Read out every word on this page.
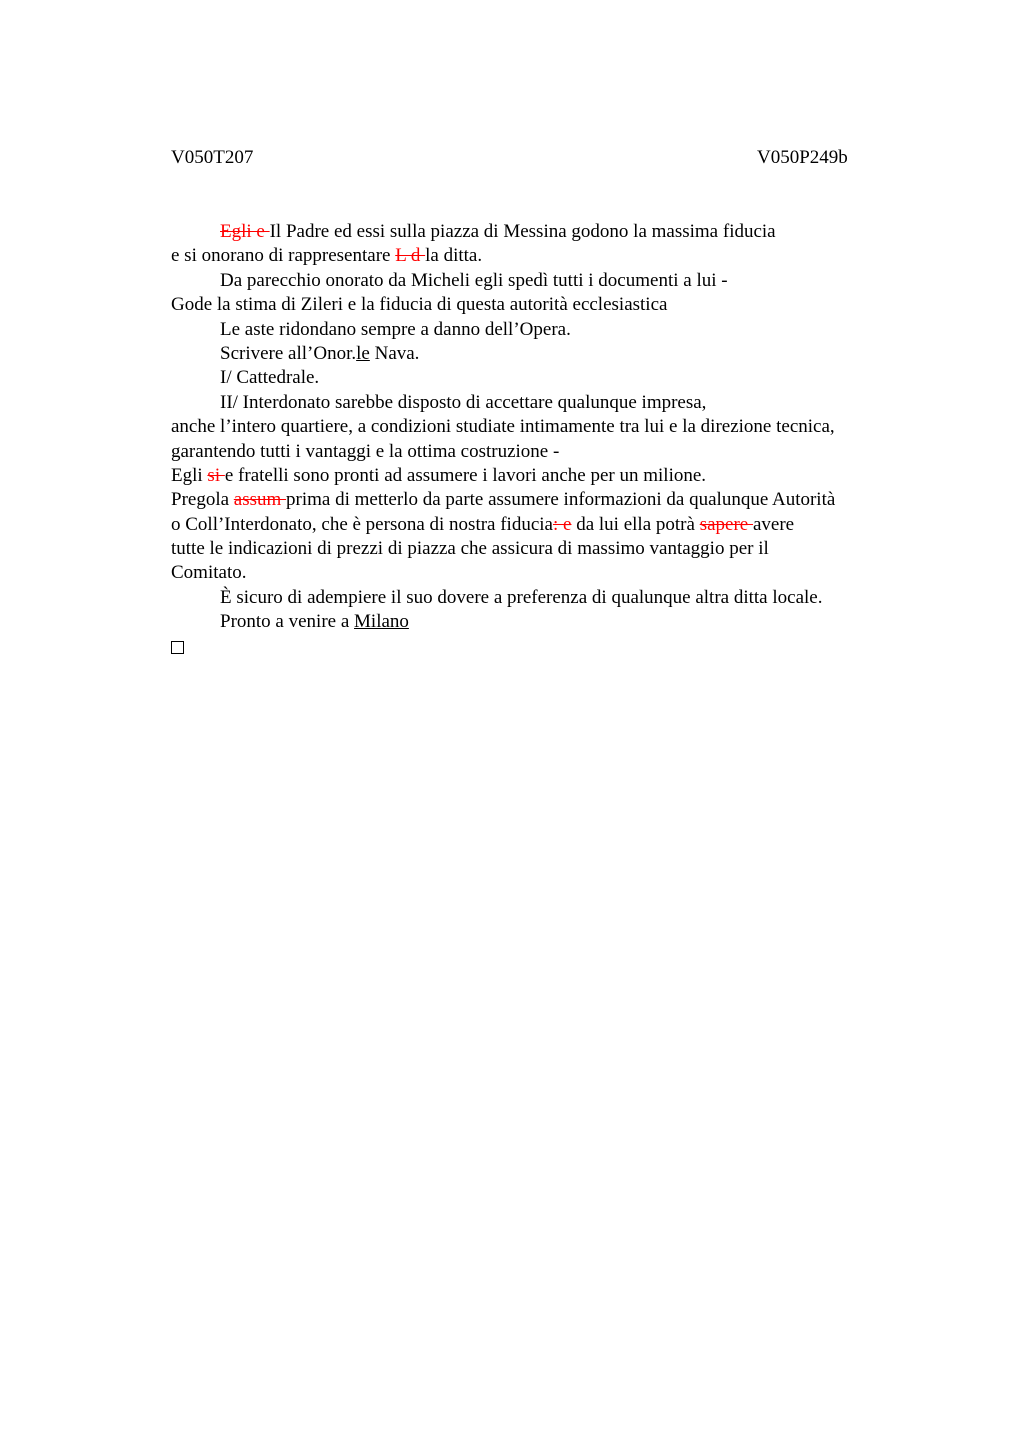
V050T207	V050P249b
Egli e Il Padre ed essi sulla piazza di Messina godono la massima fiducia
e si onorano di rappresentare L d la ditta.
Da parecchio onorato da Micheli egli spedì tutti i documenti a lui -
Gode la stima di Zileri e la fiducia di questa autorità ecclesiastica
Le aste ridondano sempre a danno dell’Opera.
Scrivere all’Onor.le Nava.
I/ Cattedrale.
II/ Interdonato sarebbe disposto di accettare qualunque impresa,
anche l’intero quartiere, a condizioni studiate intimamente tra lui e la direzione tecnica,
garantendo tutti i vantaggi e la ottima costruzione -
Egli si e fratelli sono pronti ad assumere i lavori anche per un milione.
Pregola assum prima di metterlo da parte assumere informazioni da qualunque Autorità
o Coll’Interdonato, che è persona di nostra fiducia: e da lui ella potrà sapere avere
tutte le indicazioni di prezzi di piazza che assicura di massimo vantaggio per il
Comitato.
È sicuro di adempiere il suo dovere a preferenza di qualunque altra ditta locale.
Pronto a venire a Milano
